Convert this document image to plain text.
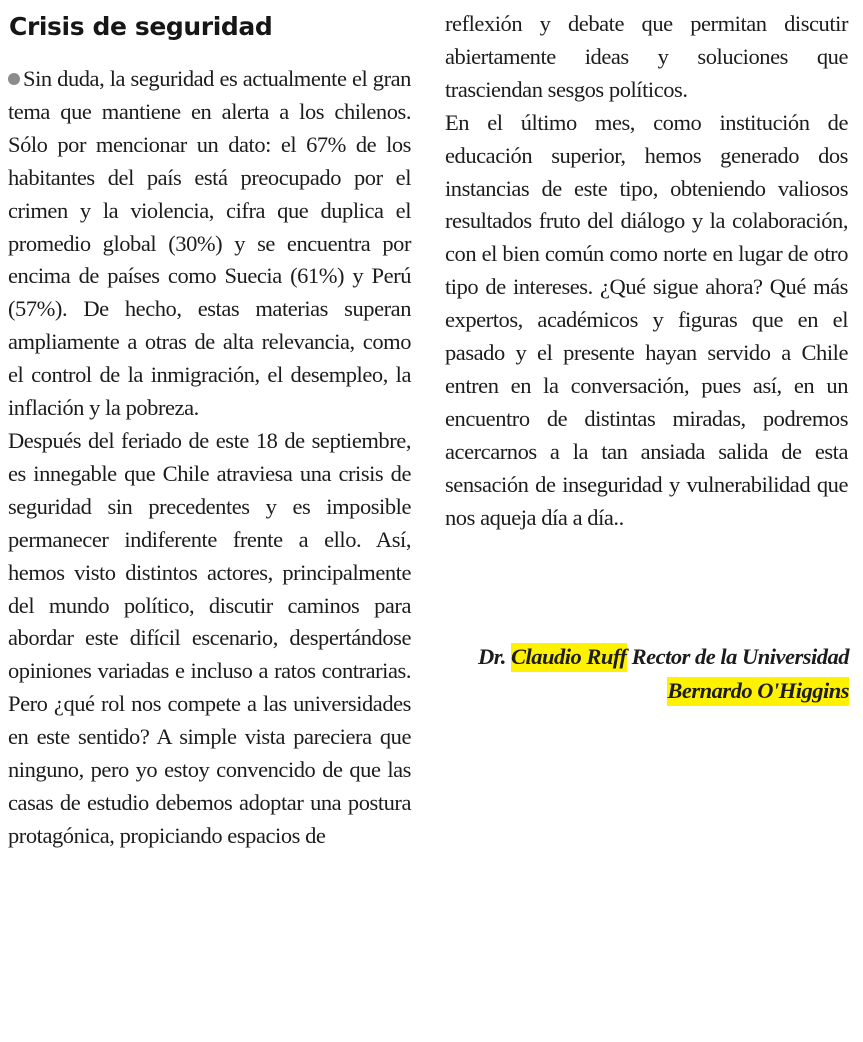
Crisis de seguridad

Sin duda, la seguridad es actualmente el gran tema que mantiene en alerta a los chilenos. Sólo por mencionar un dato: el 67% de los habitantes del país está preocupado por el crimen y la violencia, cifra que duplica el promedio global (30%) y se encuentra por encima de países como Suecia (61%) y Perú (57%). De hecho, estas materias superan ampliamente a otras de alta relevancia, como el control de la inmigración, el desempleo, la inflación y la pobreza.

Después del feriado de este 18 de septiembre, es innegable que Chile atraviesa una crisis de seguridad sin precedentes y es imposible permanecer indiferente frente a ello. Así, hemos visto distintos actores, principalmente del mundo político, discutir caminos para abordar este difícil escenario, despertándose opiniones variadas e incluso a ratos contrarias. Pero ¿qué rol nos compete a las universidades en este sentido? A simple vista pareciera que ninguno, pero yo estoy convencido de que las casas de estudio debemos adoptar una postura protagónica, propiciando espacios de

reflexión y debate que permitan discutir abiertamente ideas y soluciones que trasciendan sesgos políticos.

En el último mes, como institución de educación superior, hemos generado dos instancias de este tipo, obteniendo valiosos resultados fruto del diálogo y la colaboración, con el bien común como norte en lugar de otro tipo de intereses. ¿Qué sigue ahora? Qué más expertos, académicos y figuras que en el pasado y el presente hayan servido a Chile entren en la conversación, pues así, en un encuentro de distintas miradas, podremos acercarnos a la tan ansiada salida de esta sensación de inseguridad y vulnerabilidad que nos aqueja día a día..

Dr. Claudio Ruff Rector de la Universidad Bernardo O'Higgins
